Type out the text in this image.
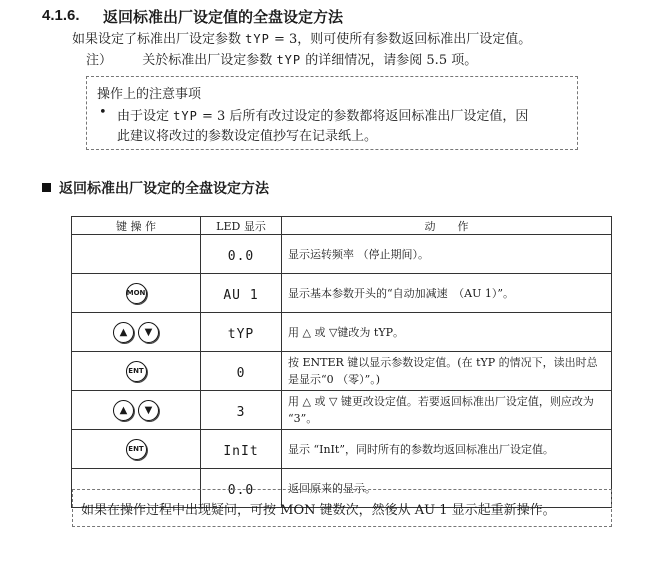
4.1.6. 返回标准出厂设定值的全盘设定方法
如果设定了标准出厂设定参数 tYP = 3，则可使所有参数返回标准出厂设定值。
注） 关於标准出厂设定参数 tYP 的详细情况，请参阅 5.5 项。
操作上的注意事项
• 由于设定 tYP = 3 后所有改过设定的参数都将返回标准出厂设定值，因
此建议将改过的参数设定值抄写在记录纸上。
返回标准出厂设定的全盘设定方法
键 操 作	LED 显示	动　　作
	0.0	显示运转频率 （停止期间）。
MON	AU 1	显示基本参数开头的“自动加减速　（AU 1）”。
▲ ▼	tYP	用 △ 或 ▽键改为 tYP。
ENT	0	按 ENTER 键以显示参数设定值。(在 tYP 的情况下，读出时总是显示“0 （零）”。)
▲ ▼	3	用 △ 或 ▽ 键更改设定值。若要返回标准出厂设定值，则应改为 “3”。
ENT	InIt	显示 “InIt”，同时所有的参数均返回标准出厂设定值。
	0.0	返回原来的显示。
如果在操作过程中出现疑问，可按 MON 键数次，然後从 AU 1 显示起重新操作。
